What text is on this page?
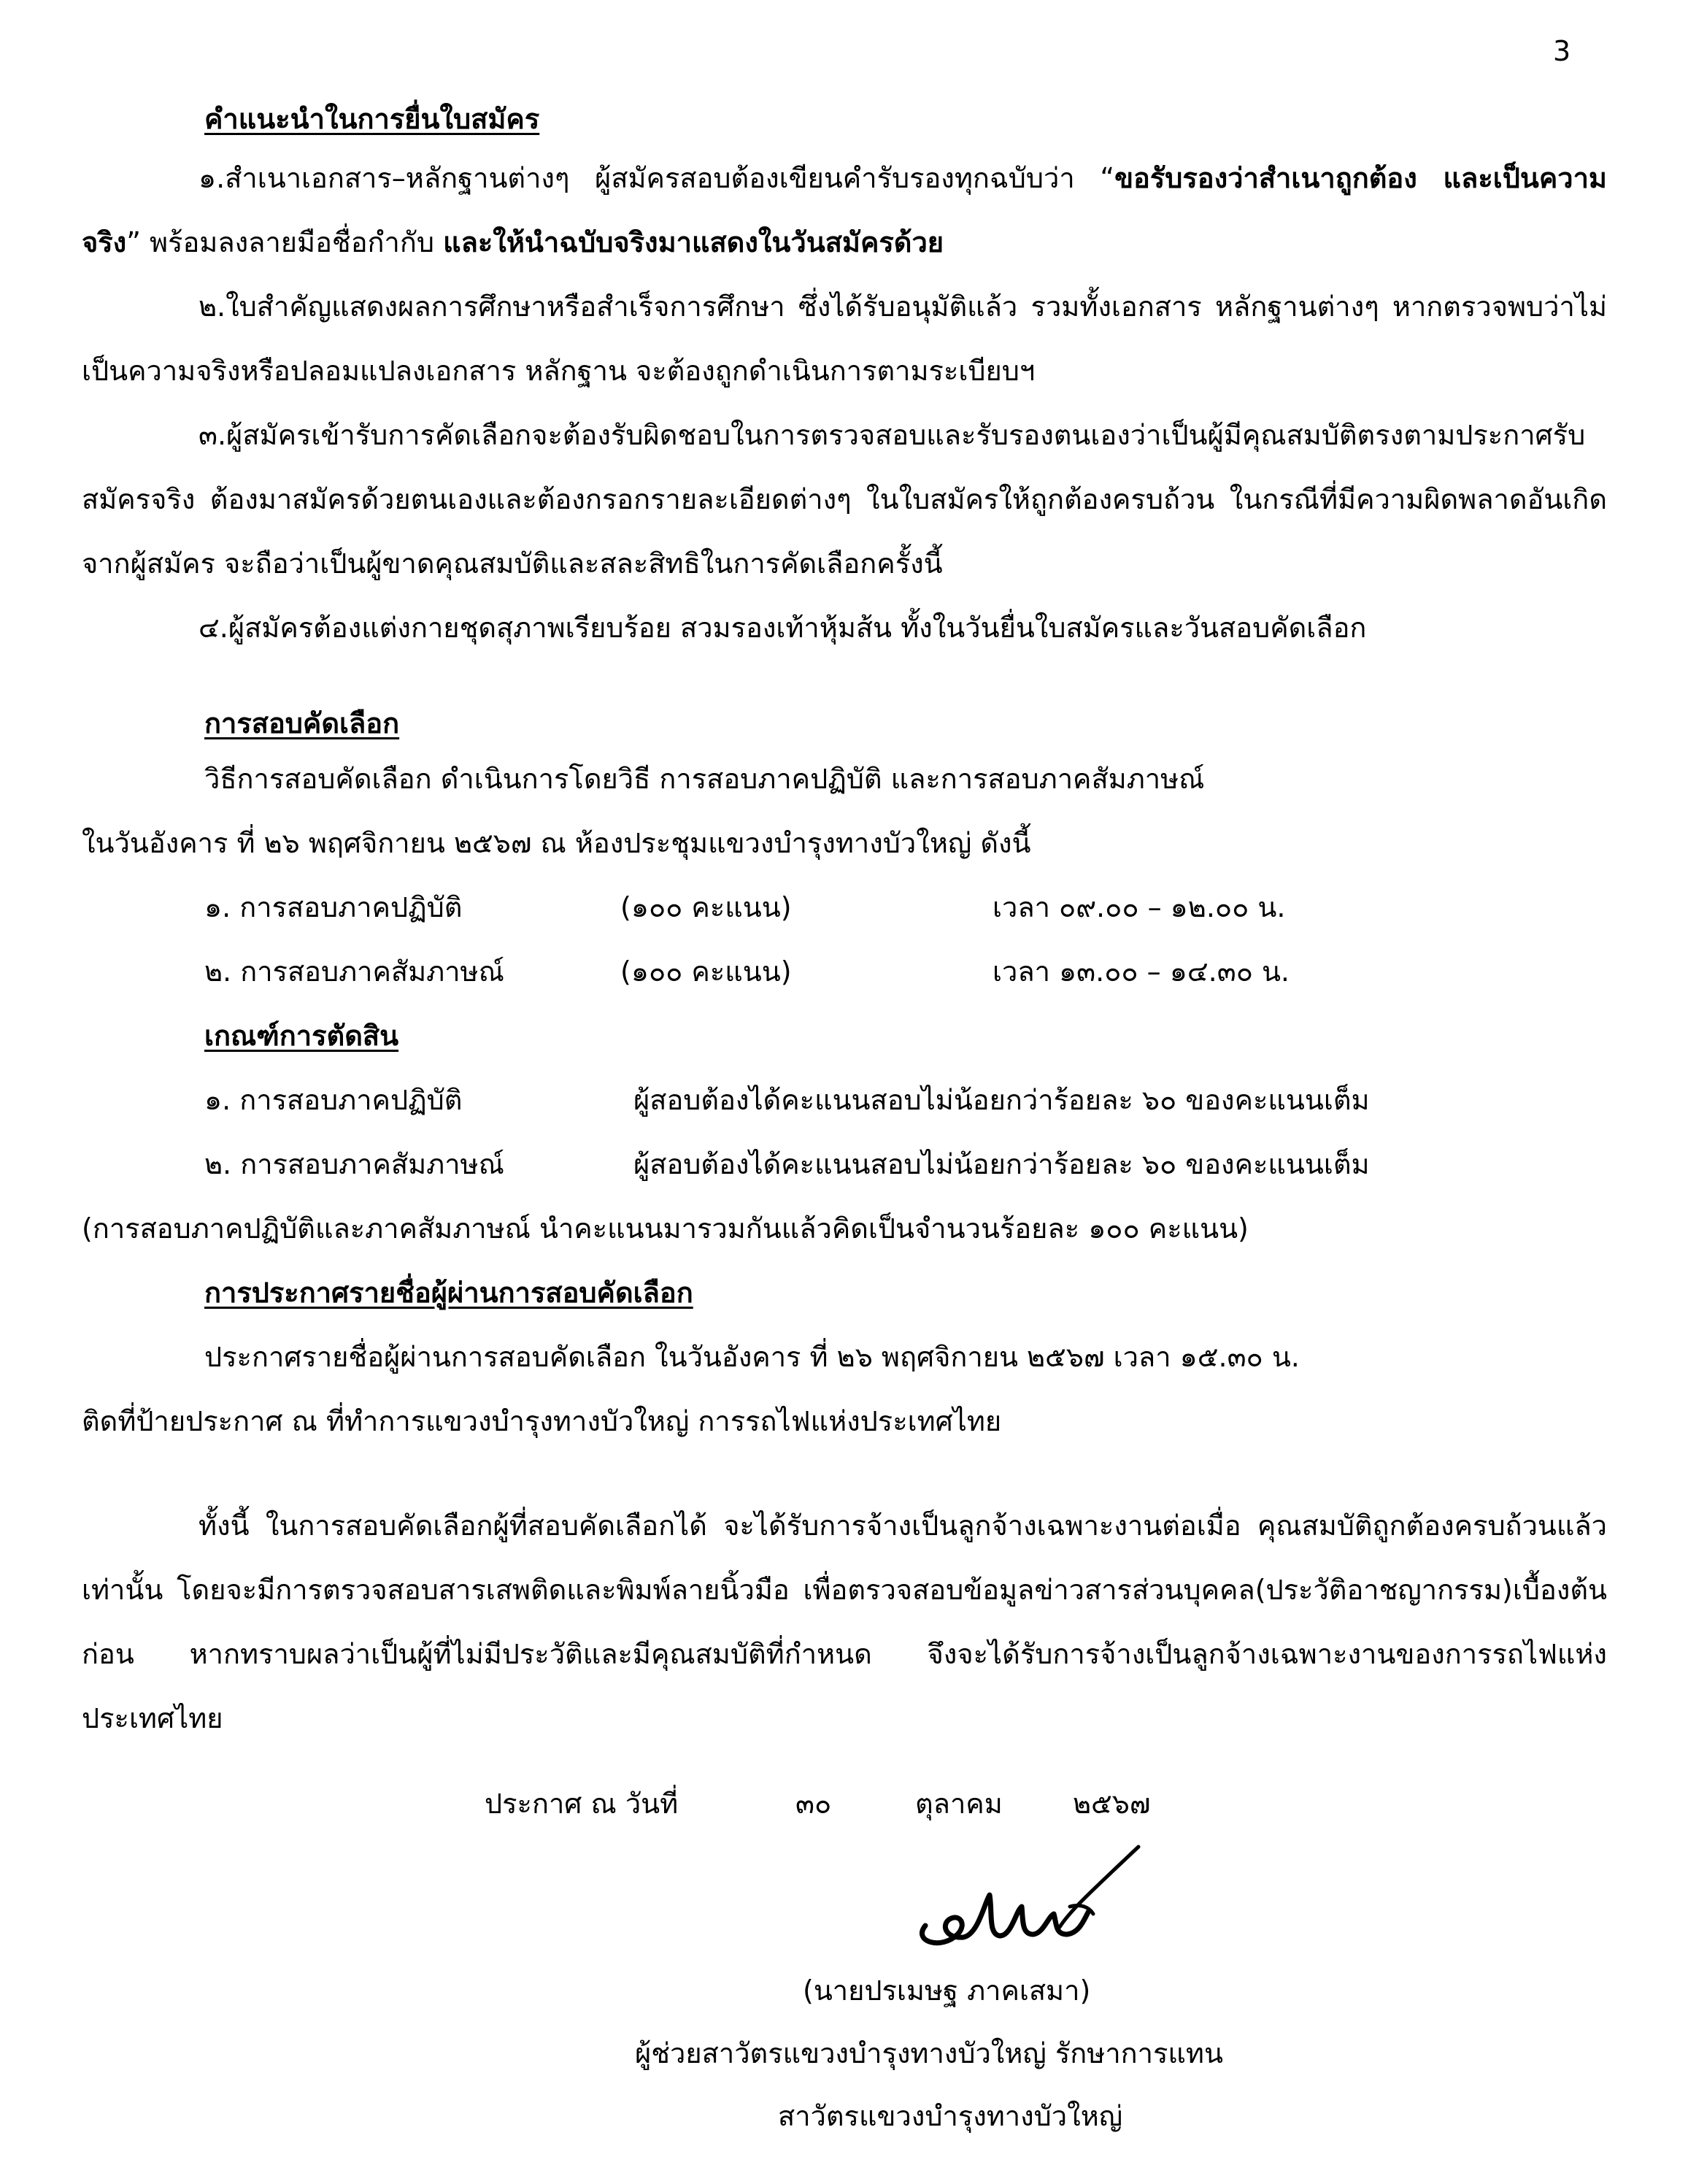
3
คำแนะนำในการยื่นใบสมัคร
๑.สำเนาเอกสาร–หลักฐานต่างๆ ผู้สมัครสอบต้องเขียนคำรับรองทุกฉบับว่า “ขอรับรองว่าสำเนาถูกต้อง และเป็นความจริง” พร้อมลงลายมือชื่อกำกับ และให้นำฉบับจริงมาแสดงในวันสมัครด้วย
๒.ใบสำคัญแสดงผลการศึกษาหรือสำเร็จการศึกษา ซึ่งได้รับอนุมัติแล้ว รวมทั้งเอกสาร หลักฐานต่างๆ หากตรวจพบว่าไม่เป็นความจริงหรือปลอมแปลงเอกสาร หลักฐาน จะต้องถูกดำเนินการตามระเบียบฯ
๓.ผู้สมัครเข้ารับการคัดเลือกจะต้องรับผิดชอบในการตรวจสอบและรับรองตนเองว่าเป็นผู้มีคุณสมบัติตรงตามประกาศรับสมัครจริง ต้องมาสมัครด้วยตนเองและต้องกรอกรายละเอียดต่างๆ ในใบสมัครให้ถูกต้องครบถ้วน ในกรณีที่มีความผิดพลาดอันเกิดจากผู้สมัคร จะถือว่าเป็นผู้ขาดคุณสมบัติและสละสิทธิในการคัดเลือกครั้งนี้
๔.ผู้สมัครต้องแต่งกายชุดสุภาพเรียบร้อย สวมรองเท้าหุ้มส้น ทั้งในวันยื่นใบสมัครและวันสอบคัดเลือก
การสอบคัดเลือก
วิธีการสอบคัดเลือก ดำเนินการโดยวิธี การสอบภาคปฏิบัติ และการสอบภาคสัมภาษณ์
ในวันอังคาร ที่ ๒๖ พฤศจิกายน ๒๕๖๗ ณ ห้องประชุมแขวงบำรุงทางบัวใหญ่ ดังนี้
๑. การสอบภาคปฏิบัติ	(๑๐๐ คะแนน)	เวลา ๐๙.๐๐ – ๑๒.๐๐ น.
๒. การสอบภาคสัมภาษณ์	(๑๐๐ คะแนน)	เวลา ๑๓.๐๐ – ๑๔.๓๐ น.
เกณฑ์การตัดสิน
๑. การสอบภาคปฏิบัติ	ผู้สอบต้องได้คะแนนสอบไม่น้อยกว่าร้อยละ ๖๐ ของคะแนนเต็ม
๒. การสอบภาคสัมภาษณ์	ผู้สอบต้องได้คะแนนสอบไม่น้อยกว่าร้อยละ ๖๐ ของคะแนนเต็ม
(การสอบภาคปฏิบัติและภาคสัมภาษณ์ นำคะแนนมารวมกันแล้วคิดเป็นจำนวนร้อยละ ๑๐๐ คะแนน)
การประกาศรายชื่อผู้ผ่านการสอบคัดเลือก
ประกาศรายชื่อผู้ผ่านการสอบคัดเลือก ในวันอังคาร ที่ ๒๖ พฤศจิกายน ๒๕๖๗ เวลา ๑๕.๓๐ น.
ติดที่ป้ายประกาศ ณ ที่ทำการแขวงบำรุงทางบัวใหญ่ การรถไฟแห่งประเทศไทย
ทั้งนี้ ในการสอบคัดเลือกผู้ที่สอบคัดเลือกได้ จะได้รับการจ้างเป็นลูกจ้างเฉพาะงานต่อเมื่อ คุณสมบัติถูกต้องครบถ้วนแล้วเท่านั้น โดยจะมีการตรวจสอบสารเสพติดและพิมพ์ลายนิ้วมือ เพื่อตรวจสอบข้อมูลข่าวสารส่วนบุคคล(ประวัติอาชญากรรม)เบื้องต้นก่อน หากทราบผลว่าเป็นผู้ที่ไม่มีประวัติและมีคุณสมบัติที่กำหนด จึงจะได้รับการจ้างเป็นลูกจ้างเฉพาะงานของการรถไฟแห่งประเทศไทย
ประกาศ ณ วันที่	๓๐	ตุลาคม	๒๕๖๗
(นายปรเมษฐ ภาคเสมา)
ผู้ช่วยสาวัตรแขวงบำรุงทางบัวใหญ่ รักษาการแทน
สาวัตรแขวงบำรุงทางบัวใหญ่
